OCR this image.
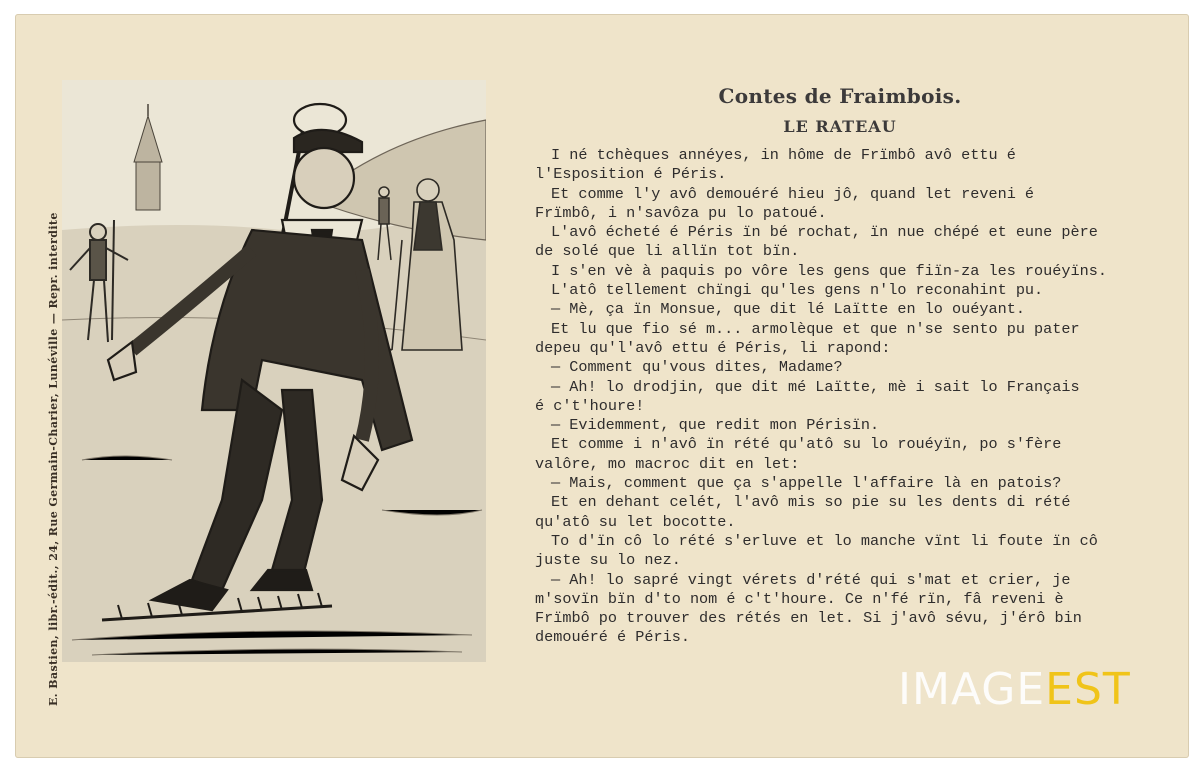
E. Bastien, libr.-édit., 24, Rue Germain-Charier, Lunéville — Repr. interdite
Contes de Fraimbois.
LE RATEAU
I né tchèques annéyes, in hôme de Frïmbô avô ettu é
l'Esposition é Péris.
Et comme l'y avô demouéré hieu jô, quand let reveni é
Frïmbô, i n'savôza pu lo patoué.
L'avô écheté é Péris ïn bé rochat, ïn nue chépé et eune père
de solé que li allïn tot bïn.
I s'en vè à paquis po vôre les gens que fiïn-za les rouéyïns.
L'atô tellement chïngi qu'les gens n'lo reconahint pu.
— Mè, ça ïn Monsue, que dit lé Laïtte en lo ouéyant.
Et lu que fio sé m... armolèque et que n'se sento pu pater
depeu qu'l'avô ettu é Péris, li rapond:
— Comment qu'vous dites, Madame?
— Ah! lo drodjin, que dit mé Laïtte, mè i sait lo Français
é c't'houre!
— Evidemment, que redit mon Périsïn.
Et comme i n'avô ïn rété qu'atô su lo rouéyïn, po s'fère
valôre, mo macroc dit en let:
— Mais, comment que ça s'appelle l'affaire là en patois?
Et en dehant celét, l'avô mis so pie su les dents di rété
qu'atô su let bocotte.
To d'ïn cô lo rété s'erluve et lo manche vïnt li foute ïn cô
juste su lo nez.
— Ah! lo sapré vingt vérets d'rété qui s'mat et crier, je
m'sovïn bïn d'to nom é c't'houre. Ce n'fé rïn, fâ reveni è
Frïmbô po trouver des rétés en let. Si j'avô sévu, j'érô bin
demouéré é Péris.
IMAGEEST
